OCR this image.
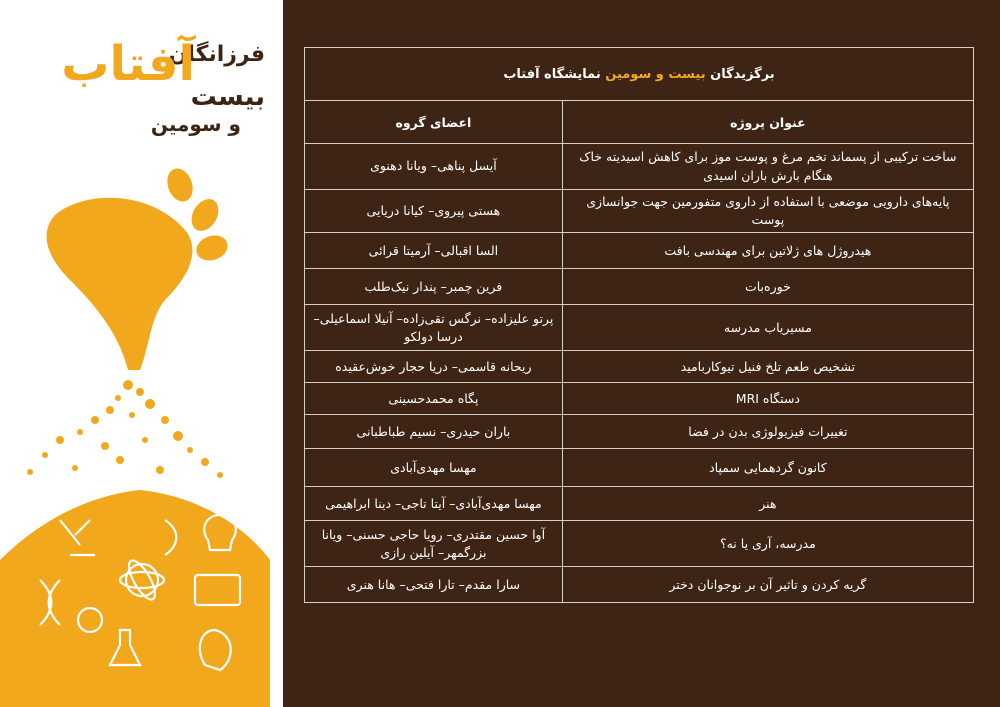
فرزانگان
آفتاب
بیست
و سومین
برگزیدگان بیست و سومین نمایشگاه آفتاب	
عنوان پروژه	اعضای گروه
ساخت ترکیبی از پسماند تخم مرغ و پوست موز برای کاهش اسیدیته خاک هنگام بارش باران اسیدی	آیسل پناهی– ویانا دهنوی
پایه‌های دارویی موضعی با استفاده از داروی متفورمین جهت جوانسازی پوست	هستی پیروی– کیانا دریایی
هیدروژل های ژلاتین برای مهندسی بافت	السا اقبالی– آرمیتا قرائی
خوره‌بات	فرین چمبر– پندار نیک‌طلب
مسیریاب مدرسه	پرتو علیزاده– نرگس تقی‌زاده– آنیلا اسماعیلی– درسا دولکو
تشخیص طعم تلخ فنیل تیوکاربامید	ریحانه قاسمی– دریا حجار خوش‌عقیده
دستگاه MRI	پگاه محمدحسینی
تغییرات فیزیولوژی بدن در فضا	باران حیدری– نسیم طباطبانی
کانون گردهمایی سمپاد	مهسا مهدی‌آبادی
هنر	مهسا مهدی‌آبادی– آیتا تاجی– دینا ابراهیمی
مدرسه، آری یا نه؟	آوا حسین مقتدری– رویا حاجی حسنی– ویانا بزرگمهر– آیلین رازی
گریه کردن و تاثیر آن بر نوجوانان دختر	سارا مقدم– تارا فتحی– هانا هنری
